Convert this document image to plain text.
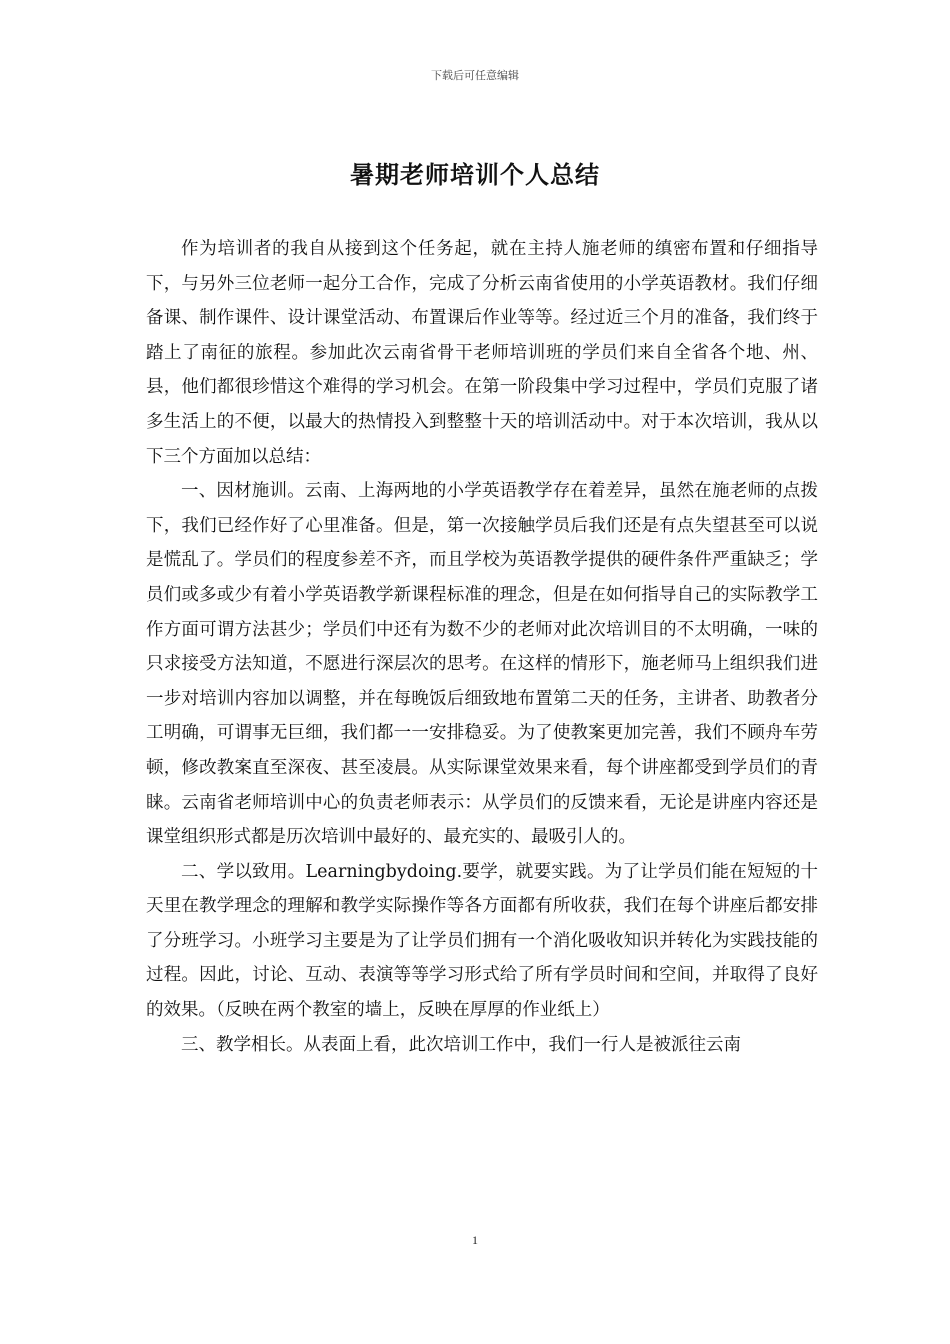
下载后可任意编辑
暑期老师培训个人总结

作为培训者的我自从接到这个任务起，就在主持人施老师的缜密布置和仔细指导下，与另外三位老师一起分工合作，完成了分析云南省使用的小学英语教材。我们仔细备课、制作课件、设计课堂活动、布置课后作业等等。经过近三个月的准备，我们终于踏上了南征的旅程。参加此次云南省骨干老师培训班的学员们来自全省各个地、州、县，他们都很珍惜这个难得的学习机会。在第一阶段集中学习过程中，学员们克服了诸多生活上的不便，以最大的热情投入到整整十天的培训活动中。对于本次培训，我从以下三个方面加以总结：

一、因材施训。云南、上海两地的小学英语教学存在着差异，虽然在施老师的点拨下，我们已经作好了心里准备。但是，第一次接触学员后我们还是有点失望甚至可以说是慌乱了。学员们的程度参差不齐，而且学校为英语教学提供的硬件条件严重缺乏；学员们或多或少有着小学英语教学新课程标准的理念，但是在如何指导自己的实际教学工作方面可谓方法甚少；学员们中还有为数不少的老师对此次培训目的不太明确，一味的只求接受方法知道，不愿进行深层次的思考。在这样的情形下，施老师马上组织我们进一步对培训内容加以调整，并在每晚饭后细致地布置第二天的任务，主讲者、助教者分工明确，可谓事无巨细，我们都一一安排稳妥。为了使教案更加完善，我们不顾舟车劳顿，修改教案直至深夜、甚至凌晨。从实际课堂效果来看，每个讲座都受到学员们的青睐。云南省老师培训中心的负责老师表示：从学员们的反馈来看，无论是讲座内容还是课堂组织形式都是历次培训中最好的、最充实的、最吸引人的。

二、学以致用。Learningbydoing.要学，就要实践。为了让学员们能在短短的十天里在教学理念的理解和教学实际操作等各方面都有所收获，我们在每个讲座后都安排了分班学习。小班学习主要是为了让学员们拥有一个消化吸收知识并转化为实践技能的过程。因此，讨论、互动、表演等等学习形式给了所有学员时间和空间，并取得了良好的效果。（反映在两个教室的墙上，反映在厚厚的作业纸上）

三、教学相长。从表面上看，此次培训工作中，我们一行人是被派往云南

1
